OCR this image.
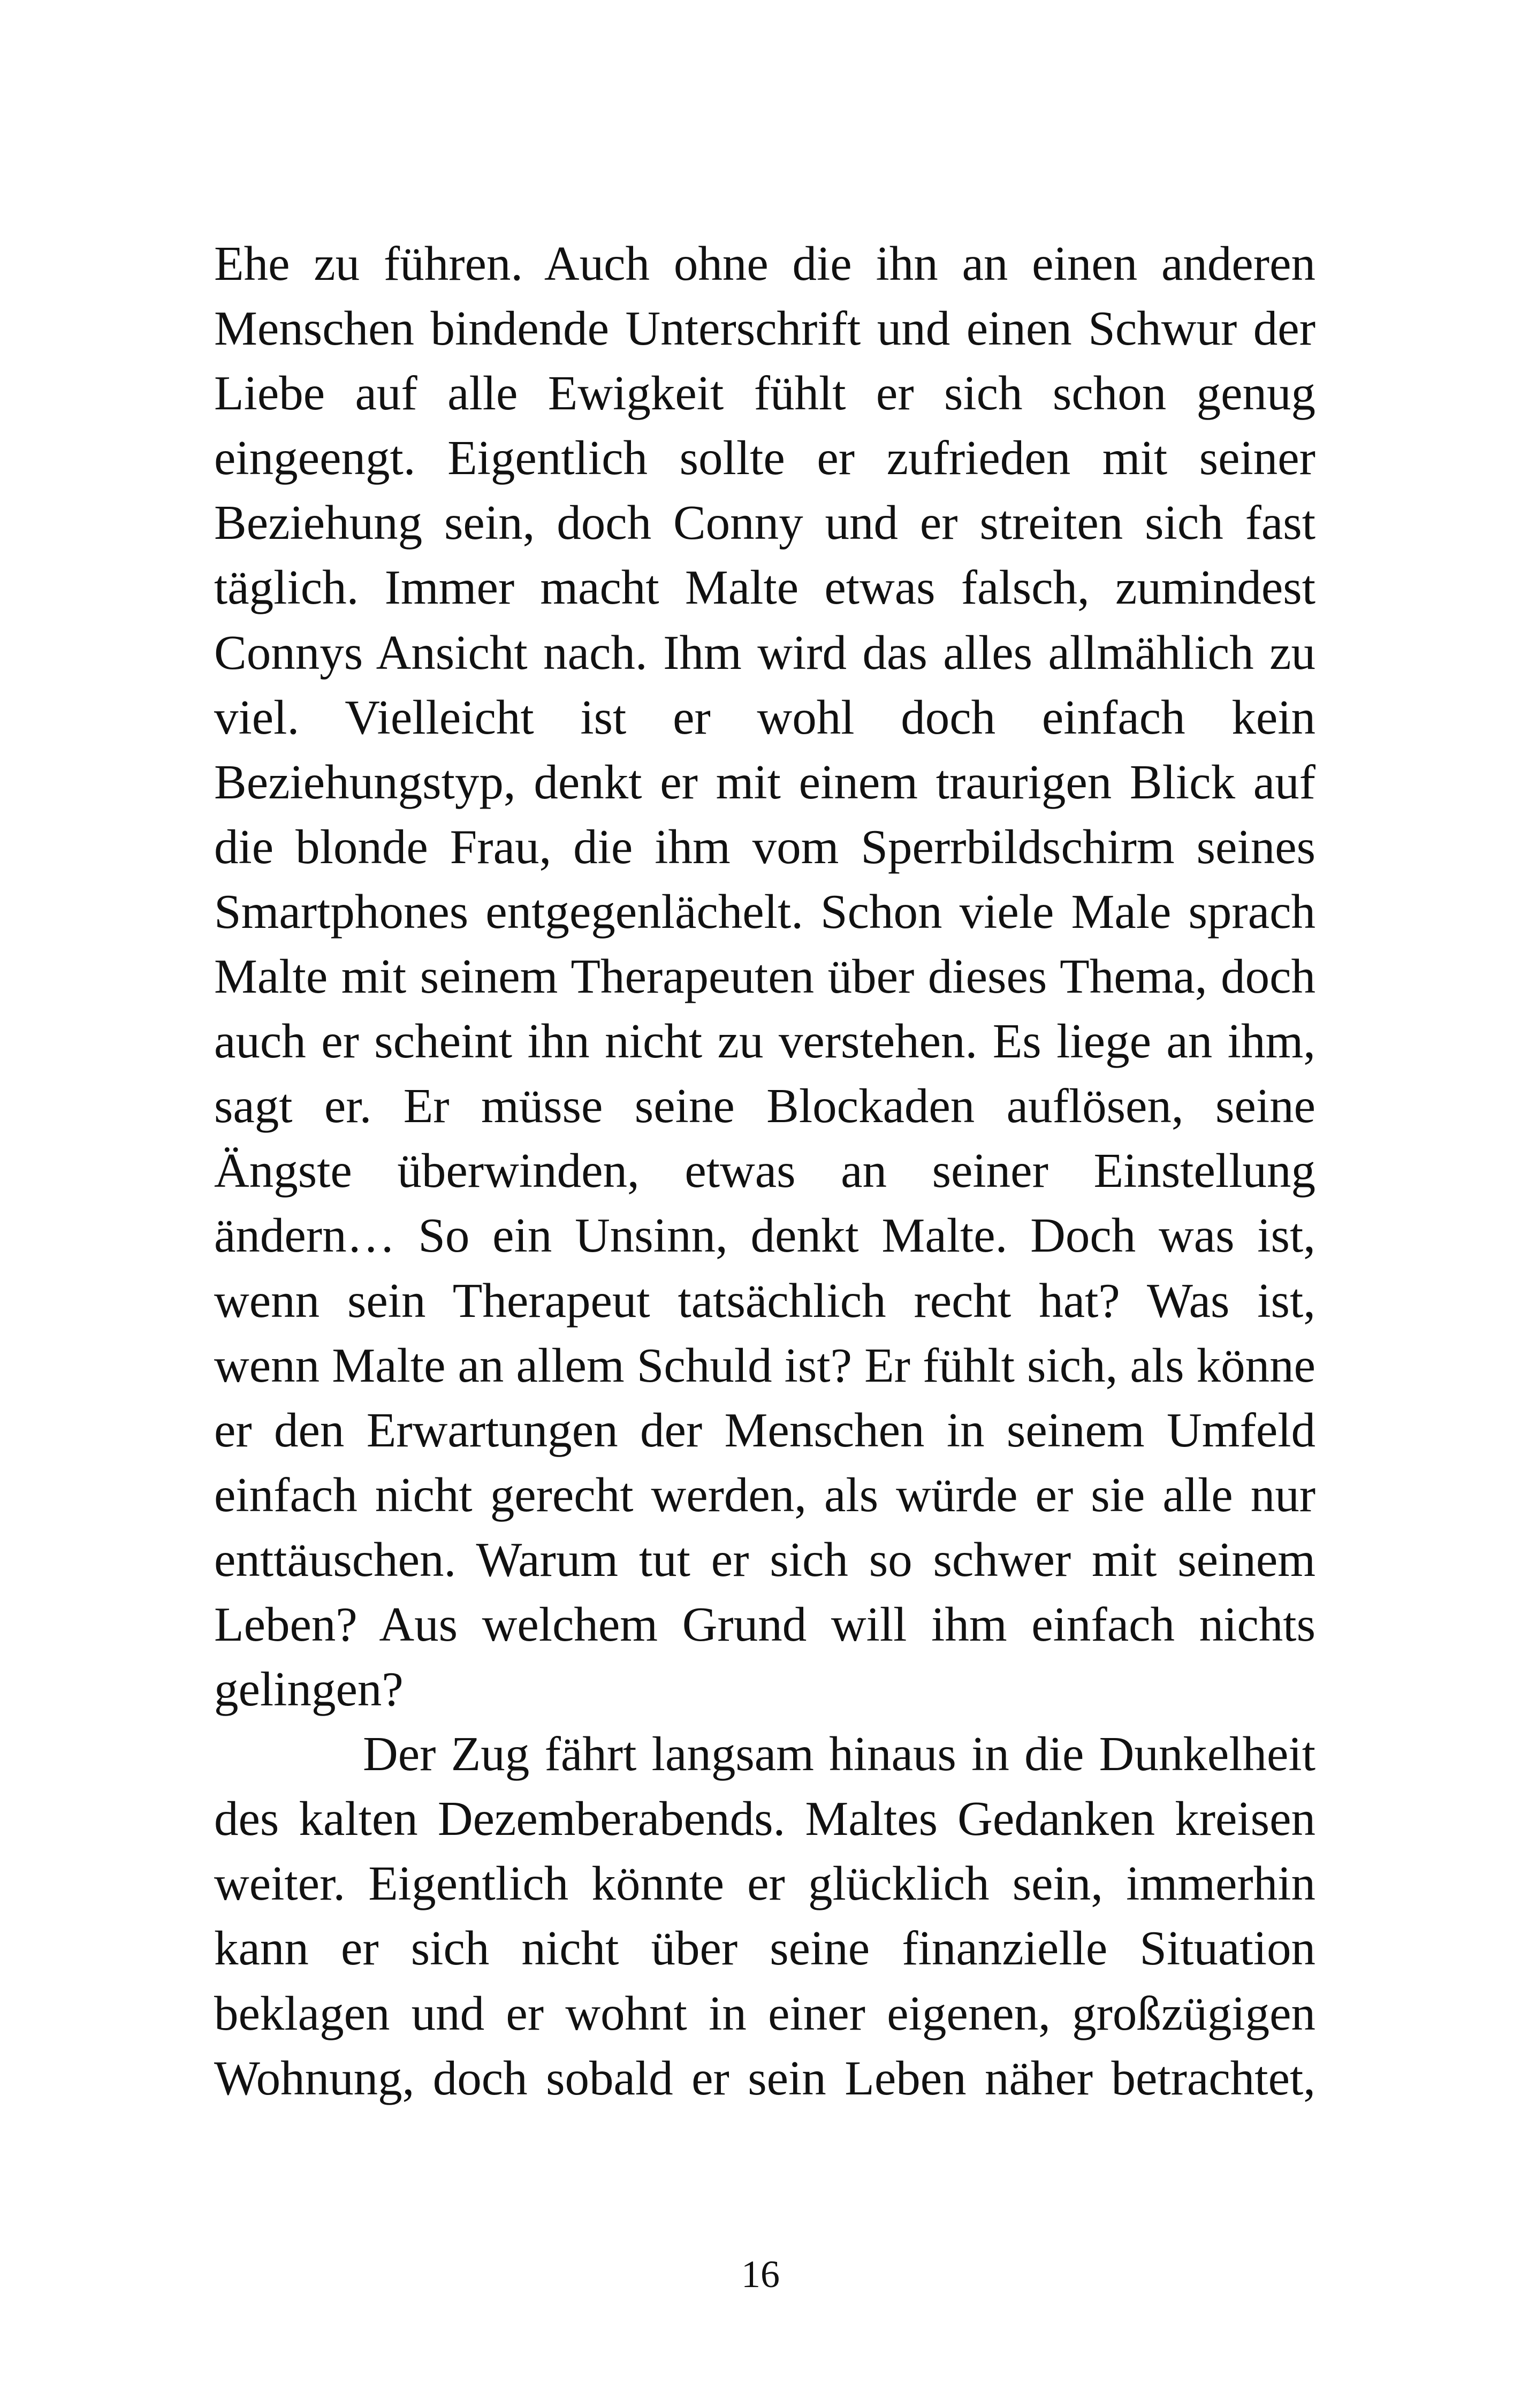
Ehe zu führen. Auch ohne die ihn an einen anderen
Menschen bindende Unterschrift und einen Schwur der
Liebe auf alle Ewigkeit fühlt er sich schon genug
eingeengt. Eigentlich sollte er zufrieden mit seiner
Beziehung sein, doch Conny und er streiten sich fast
täglich. Immer macht Malte etwas falsch, zumindest
Connys Ansicht nach. Ihm wird das alles allmählich zu
viel. Vielleicht ist er wohl doch einfach kein
Beziehungstyp, denkt er mit einem traurigen Blick auf
die blonde Frau, die ihm vom Sperrbildschirm seines
Smartphones entgegenlächelt. Schon viele Male sprach
Malte mit seinem Therapeuten über dieses Thema, doch
auch er scheint ihn nicht zu verstehen. Es liege an ihm,
sagt er. Er müsse seine Blockaden auflösen, seine
Ängste überwinden, etwas an seiner Einstellung
ändern… So ein Unsinn, denkt Malte. Doch was ist,
wenn sein Therapeut tatsächlich recht hat? Was ist,
wenn Malte an allem Schuld ist? Er fühlt sich, als könne
er den Erwartungen der Menschen in seinem Umfeld
einfach nicht gerecht werden, als würde er sie alle nur
enttäuschen. Warum tut er sich so schwer mit seinem
Leben? Aus welchem Grund will ihm einfach nichts
gelingen?
Der Zug fährt langsam hinaus in die Dunkelheit
des kalten Dezemberabends. Maltes Gedanken kreisen
weiter. Eigentlich könnte er glücklich sein, immerhin
kann er sich nicht über seine finanzielle Situation
beklagen und er wohnt in einer eigenen, großzügigen
Wohnung, doch sobald er sein Leben näher betrachtet,
16
